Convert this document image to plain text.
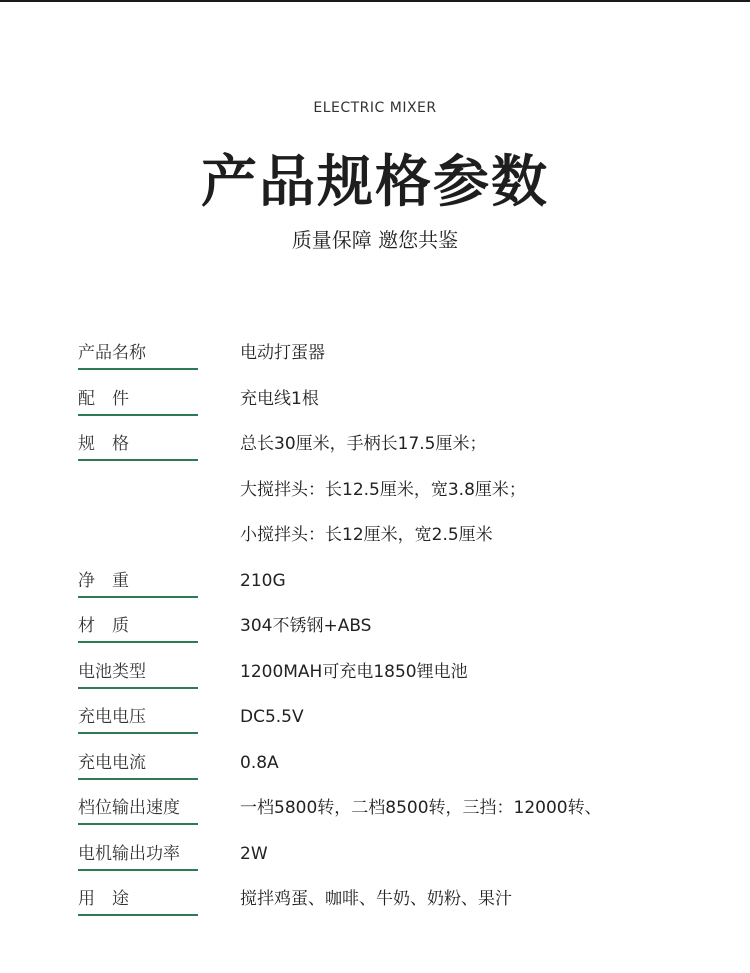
ELECTRIC MIXER
产品规格参数
质量保障 邀您共鉴
产品名称	电动打蛋器
配　件	充电线1根
规　格	总长30厘米，手柄长17.5厘米；
大搅拌头：长12.5厘米，宽3.8厘米；
小搅拌头：长12厘米，宽2.5厘米
净　重	210G
材　质	304不锈钢+ABS
电池类型	1200MAH可充电1850锂电池
充电电压	DC5.5V
充电电流	0.8A
档位输出速度	一档5800转，二档8500转，三挡：12000转、
电机输出功率	2W
用　途	搅拌鸡蛋、咖啡、牛奶、奶粉、果汁
